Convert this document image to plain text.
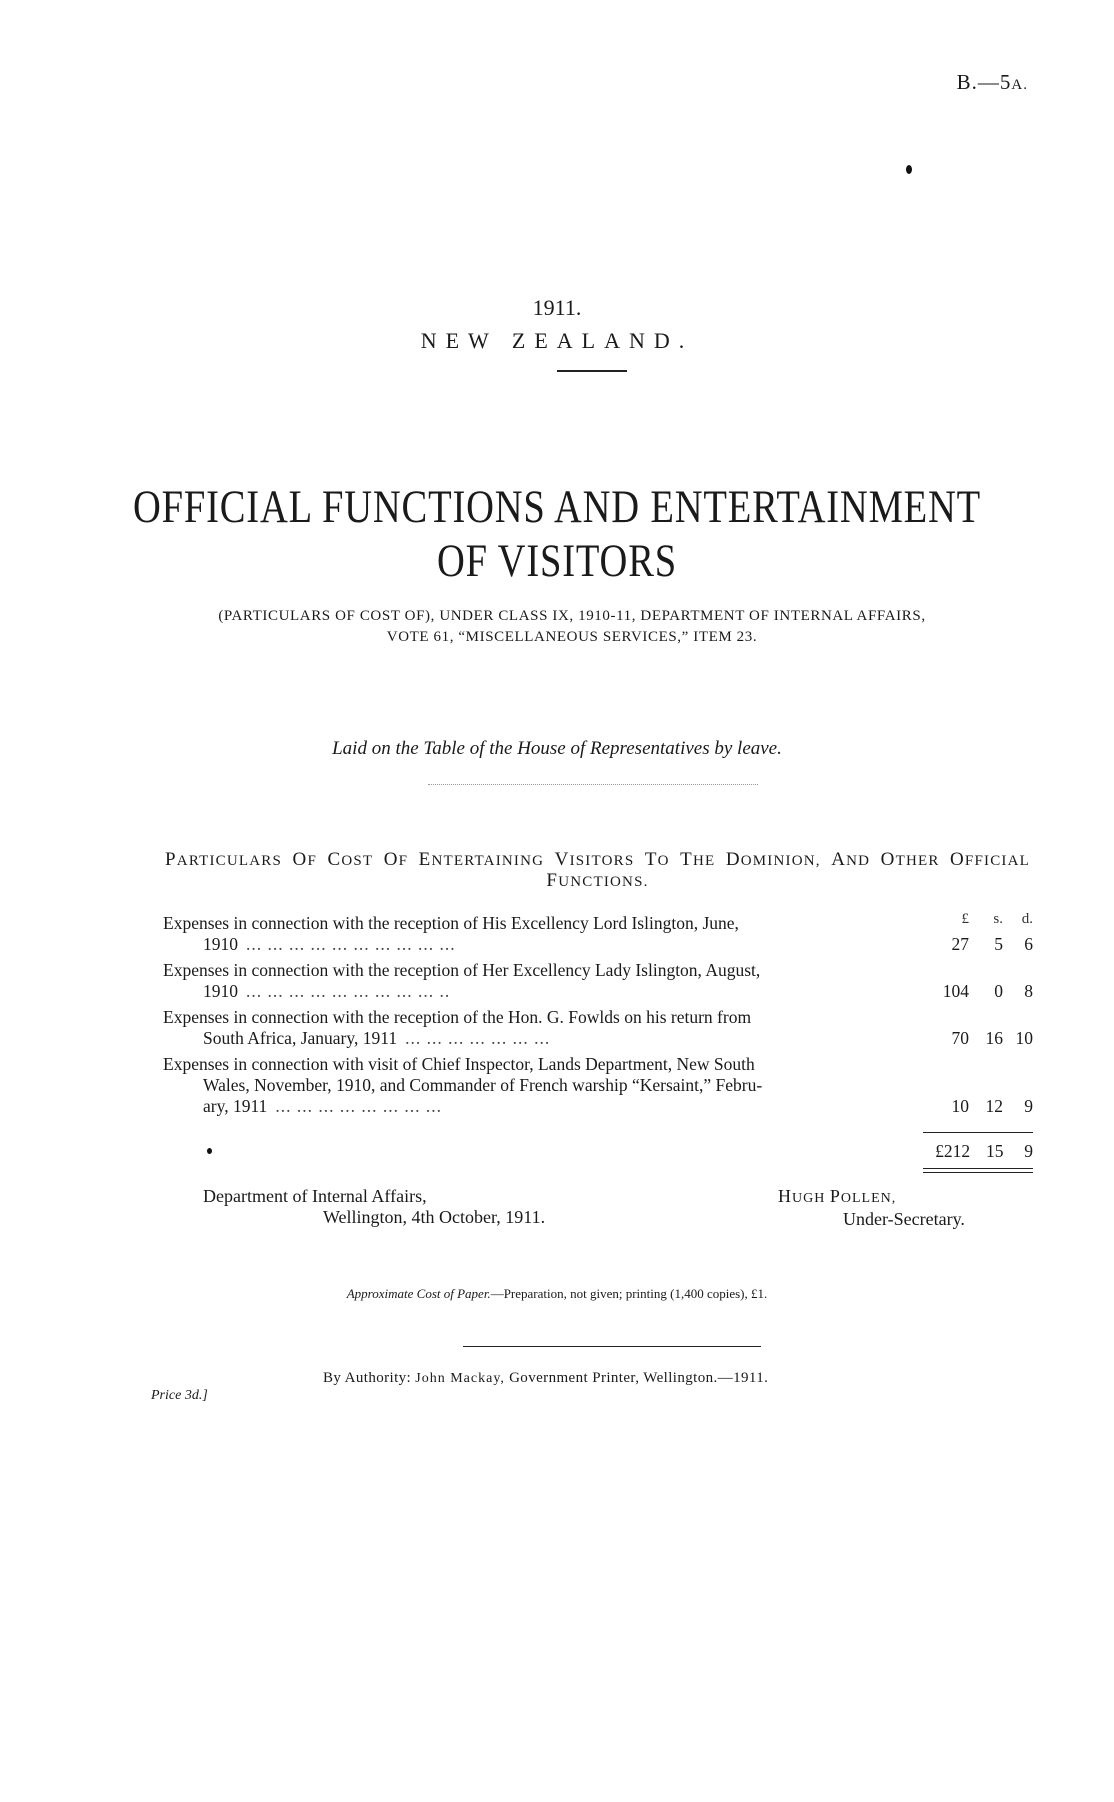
B.—5A.
1911.
NEW ZEALAND.
OFFICIAL FUNCTIONS AND ENTERTAINMENT
OF VISITORS
(PARTICULARS OF COST OF), UNDER CLASS IX, 1910-11, DEPARTMENT OF INTERNAL AFFAIRS,
VOTE 61, “MISCELLANEOUS SERVICES,” ITEM 23.
Laid on the Table of the House of Representatives by leave.
PARTICULARS OF COST OF ENTERTAINING VISITORS TO THE DOMINION, AND OTHER OFFICIAL
FUNCTIONS.
£	s.	d.
Expenses in connection with the reception of His Excellency Lord Islington, June,
1910 ... ... ... ... ... ... ... ... ... ...	27	5	6
Expenses in connection with the reception of Her Excellency Lady Islington, August,
1910 ... ... ... ... ... ... ... ... ... ..	104	0	8
Expenses in connection with the reception of the Hon. G. Fowlds on his return from
South Africa, January, 1911 ... ... ... ... ... ... ...	70 16 10
Expenses in connection with visit of Chief Inspector, Lands Department, New South
Wales, November, 1910, and Commander of French warship “Kersaint,” Febru-
ary, 1911 ... ... ... ... ... ... ... ...	10 12	9
£212 15	9
Department of Internal Affairs,
Wellington, 4th October, 1911.
HUGH POLLEN,
Under-Secretary.
Approximate Cost of Paper.—Preparation, not given; printing (1,400 copies), £1.
By Authority: John Mackay, Government Printer, Wellington.—1911.
Price 3d.]
